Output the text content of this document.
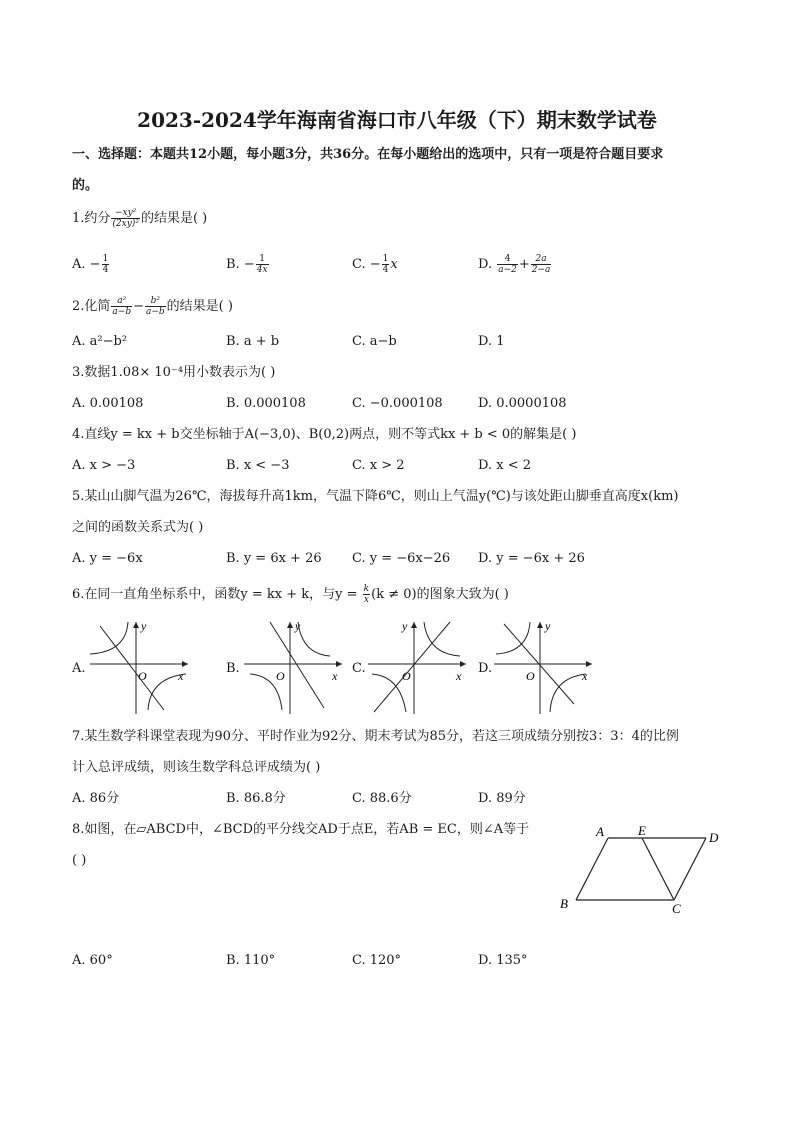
2023-2024学年海南省海口市八年级（下）期末数学试卷
一、选择题：本题共12小题，每小题3分，共36分。在每小题给出的选项中，只有一项是符合题目要求
的。
1.约分 $\frac{\text{−xy²}}{\text{(2xy)²}}$ 的结果是( )
A. − $\frac{1}{4}$	B. − $\frac{1}{4x}$	C. − $\frac{1}{4}$ x	D. $\frac{4}{a-2} + \frac{2a}{2-a}$
2.化简 $\frac{\text{a²}}{a-b} - \frac{\text{b²}}{a-b}$ 的结果是( )
A. a²−b²	B. a + b	C. a−b	D. 1
3.数据1.08× 10⁻⁴用小数表示为( )
A. 0.00108	B. 0.000108	C. −0.000108	D. 0.0000108
4.直线y = kx + b交坐标轴于A(−3,0)、B(0,2)两点，则不等式kx + b < 0的解集是( )
A. x > −3	B. x < −3	C. x > 2	D. x < 2
5.某山山脚气温为26℃，海拔每升高1km，气温下降6℃，则山上气温y(℃)与该处距山脚垂直高度x(km)
之间的函数关系式为( )
A. y = −6x	B. y = 6x + 26 C. y = −6x−26 D. y = −6x + 26
6.在同一直角坐标系中，函数y = kx + k，与$y = \frac{k}{x} (k \ne 0)$的图象大致为( )
A.	B.	C.	D.
y
x
O
y
x
O
y
x
O
y
x
O
7.某生数学科课堂表现为90分、平时作业为92分、期末考试为85分，若这三项成绩分别按3：3：4的比例
计入总评成绩，则该生数学科总评成绩为( )
A. 86分	B. 86.8分	C. 88.6分	D. 89分
8.如图，在▱ABCD中，∠BCD的平分线交AD于点E，若AB = EC，则∠A等于
( )
A	E	D
B	C
A. 60°	B. 110°	C. 120°	D. 135°
